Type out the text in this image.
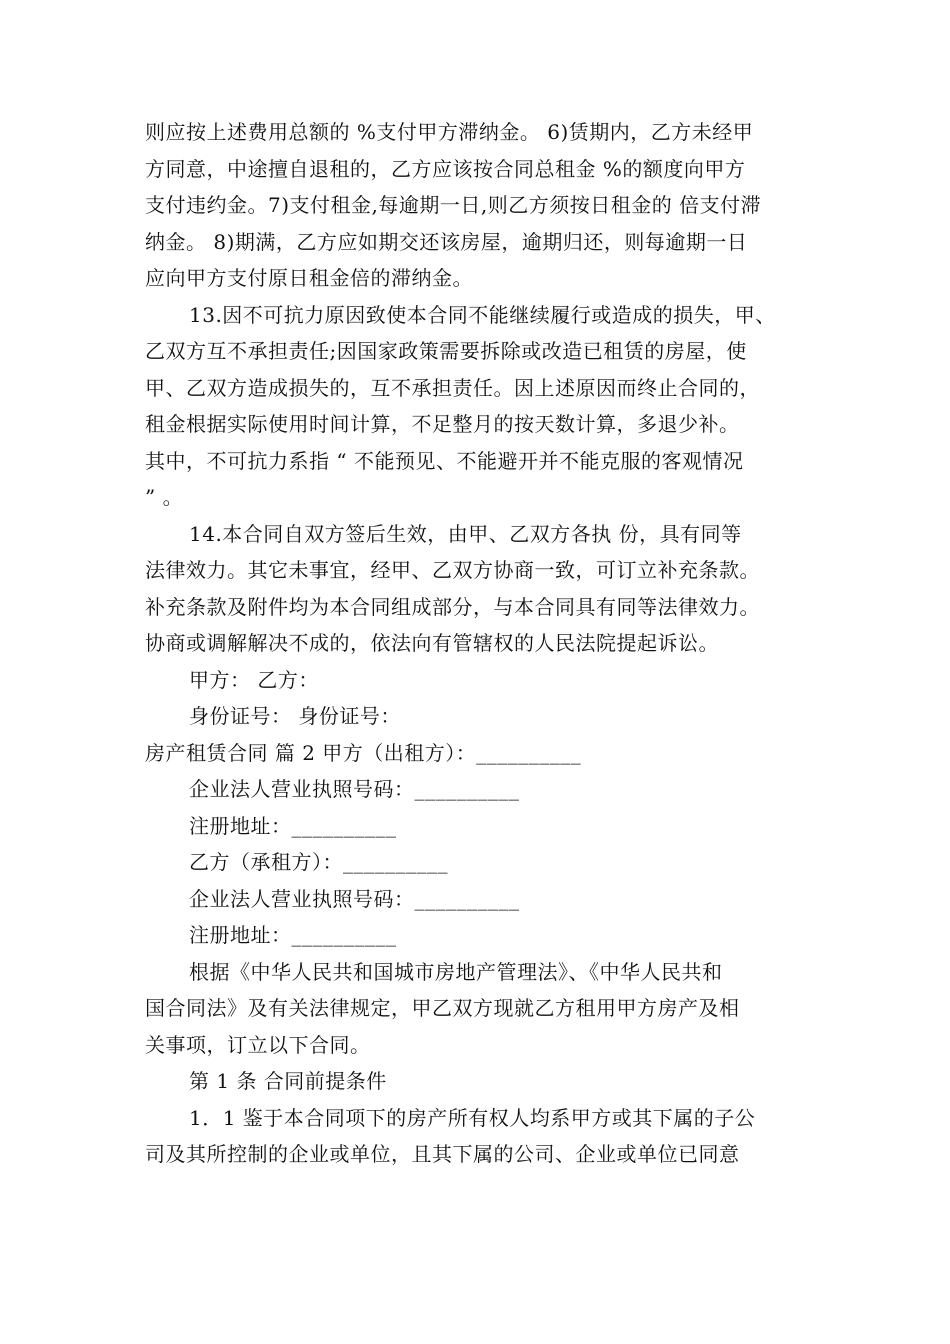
则应按上述费用总额的 %支付甲方滞纳金。 6)赁期内，乙方未经甲
方同意，中途擅自退租的，乙方应该按合同总租金 %的额度向甲方
支付违约金。7)支付租金,每逾期一日,则乙方须按日租金的 倍支付滞
纳金。 8)期满，乙方应如期交还该房屋，逾期归还，则每逾期一日
应向甲方支付原日租金倍的滞纳金。
13.因不可抗力原因致使本合同不能继续履行或造成的损失，甲、
乙双方互不承担责任;因国家政策需要拆除或改造已租赁的房屋，使
甲、乙双方造成损失的，互不承担责任。因上述原因而终止合同的，
租金根据实际使用时间计算，不足整月的按天数计算，多退少补。
其中，不可抗力系指 “ 不能预见、不能避开并不能克服的客观情况
” 。
14.本合同自双方签后生效，由甲、乙双方各执 份，具有同等
法律效力。其它未事宜，经甲、乙双方协商一致，可订立补充条款。
补充条款及附件均为本合同组成部分，与本合同具有同等法律效力。
协商或调解解决不成的，依法向有管辖权的人民法院提起诉讼。
甲方： 乙方：
身份证号： 身份证号：
房产租赁合同 篇 2 甲方（出租方）：__________
企业法人营业执照号码：__________
注册地址：__________
乙方（承租方）：__________
企业法人营业执照号码：__________
注册地址：__________
根据《中华人民共和国城市房地产管理法》、《中华人民共和
国合同法》及有关法律规定，甲乙双方现就乙方租用甲方房产及相
关事项，订立以下合同。
第 1 条 合同前提条件
1．1 鉴于本合同项下的房产所有权人均系甲方或其下属的子公
司及其所控制的企业或单位，且其下属的公司、企业或单位已同意
